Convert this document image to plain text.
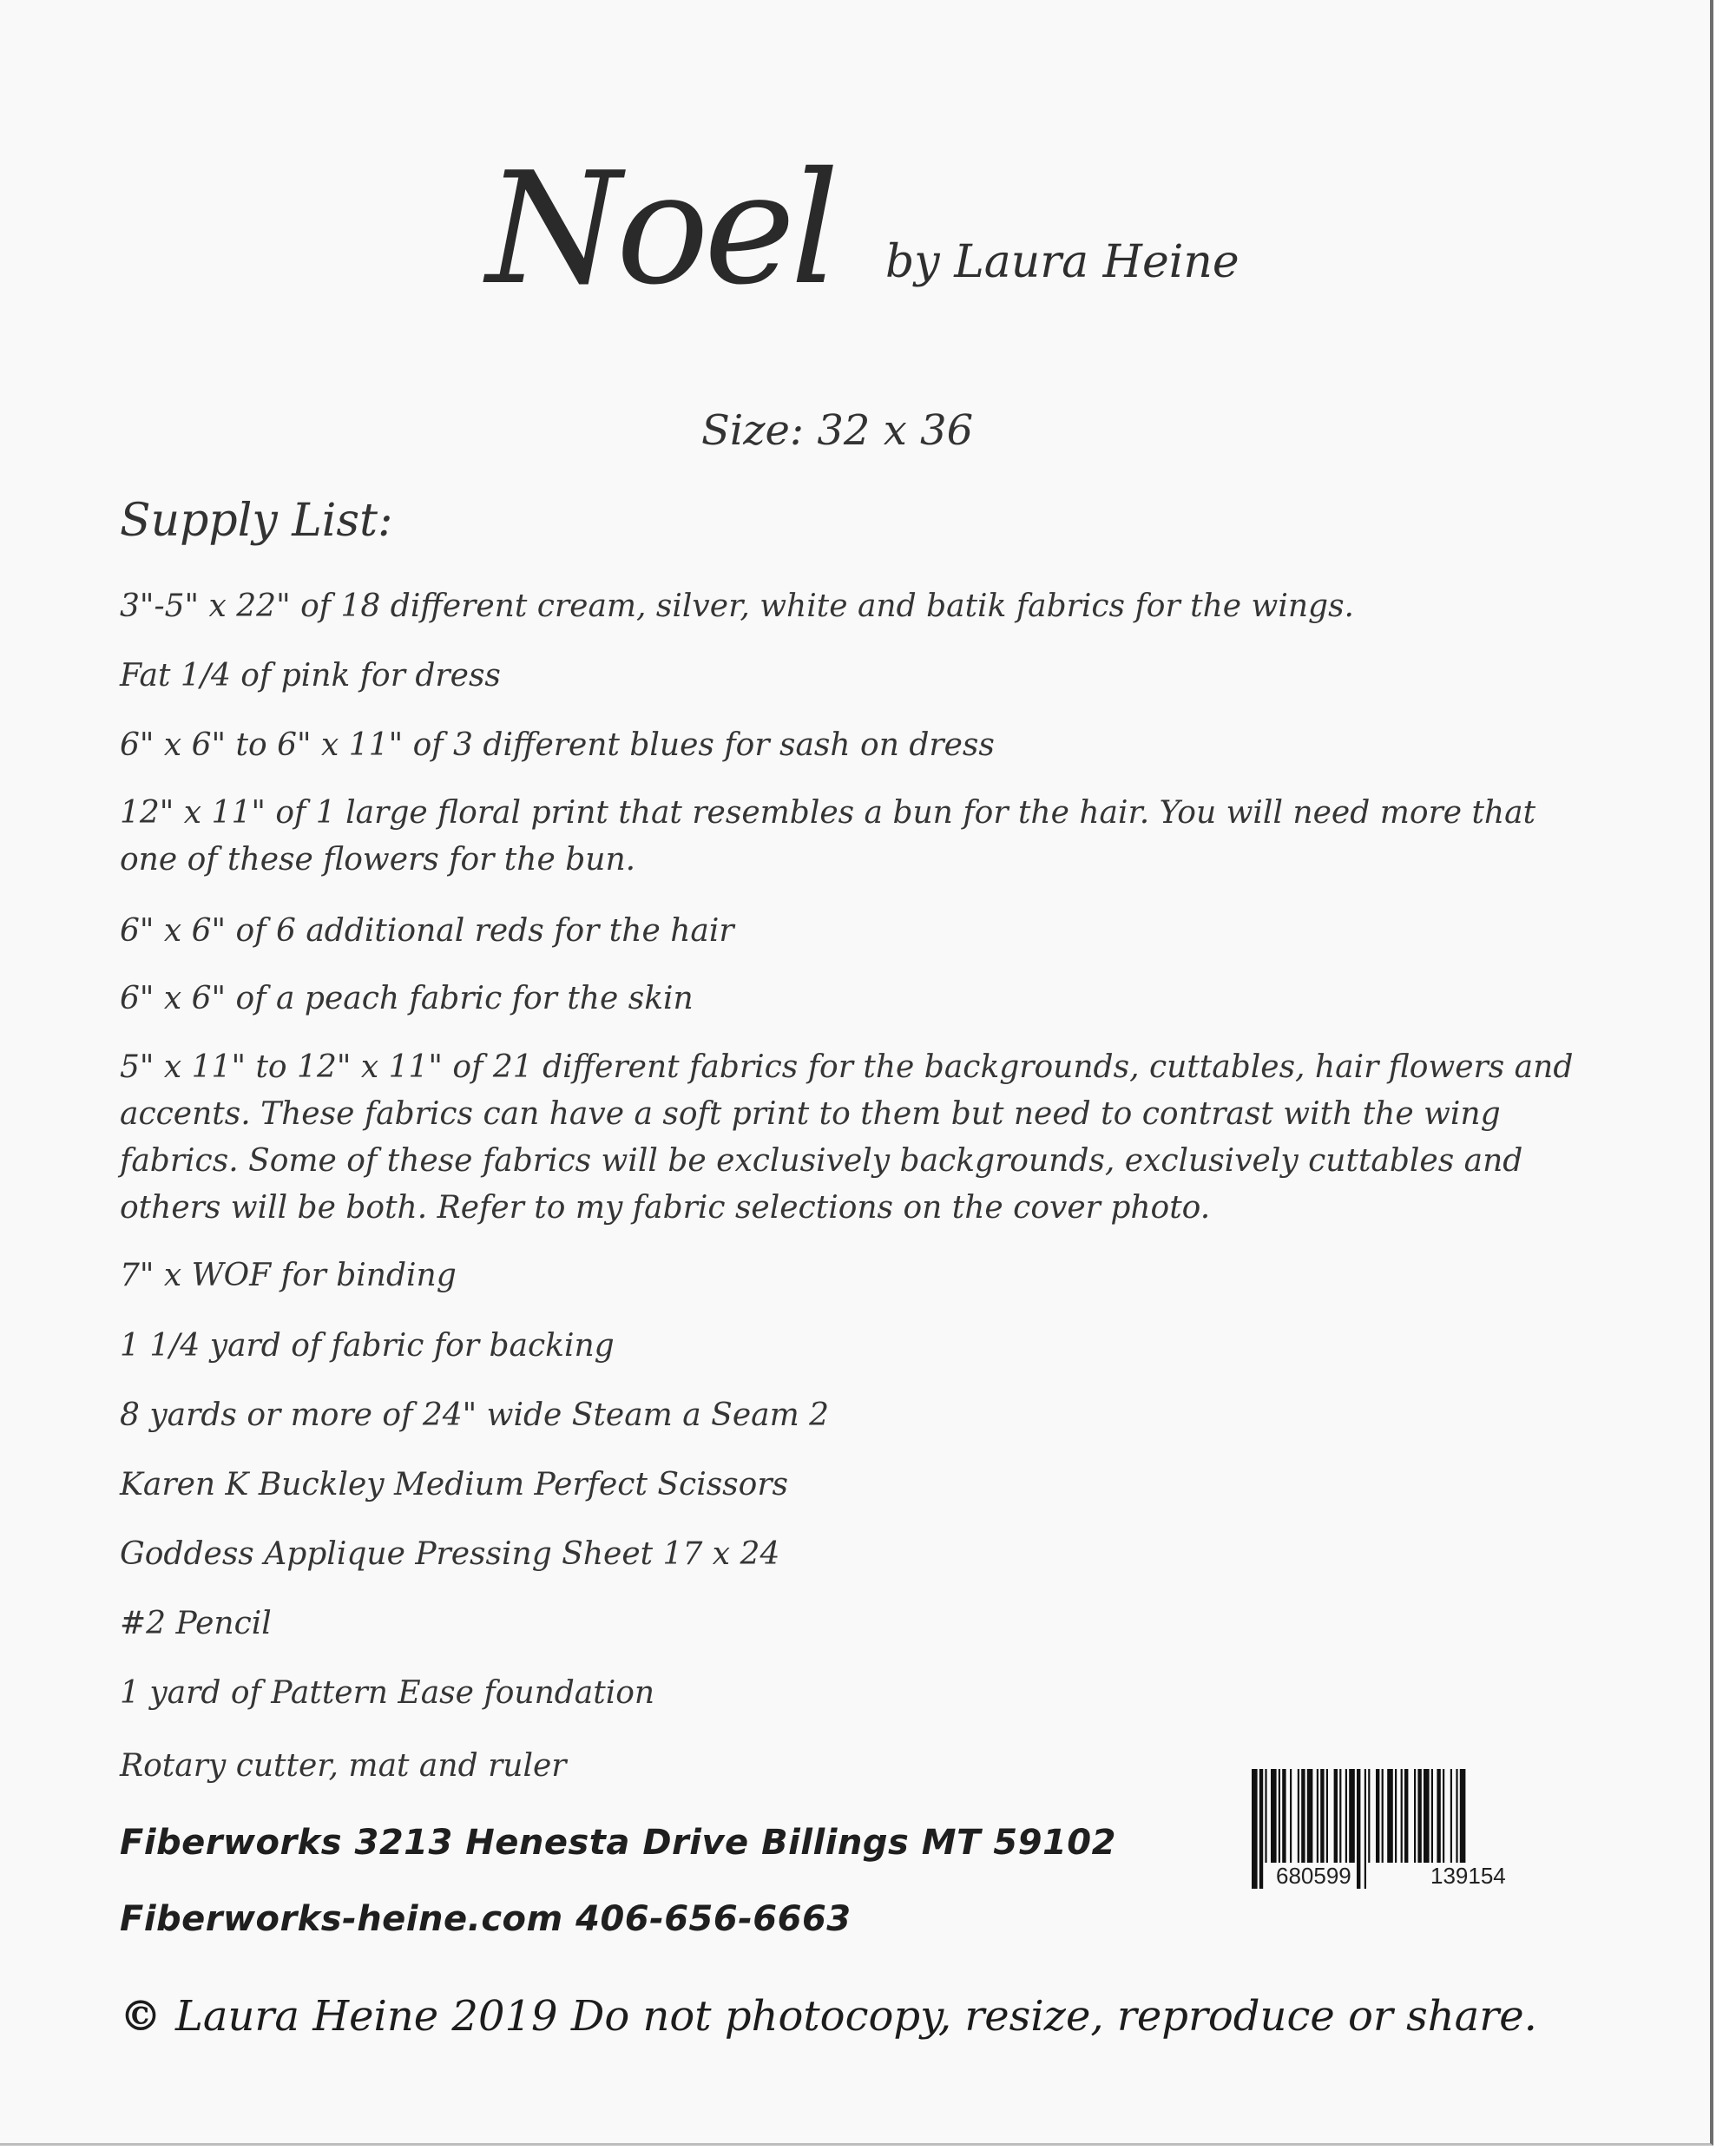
Noel by Laura Heine
Size: 32 x 36
Supply List:
3"-5" x 22" of 18 different cream, silver, white and batik fabrics for the wings.
Fat 1/4 of pink for dress
6" x 6" to 6" x 11" of 3 different blues for sash on dress
12" x 11" of 1 large floral print that resembles a bun for the hair. You will need more that one of these flowers for the bun.
6" x 6" of 6 additional reds for the hair
6" x 6" of a peach fabric for the skin
5" x 11" to 12" x 11" of 21 different fabrics for the backgrounds, cuttables, hair flowers and accents. These fabrics can have a soft print to them but need to contrast with the wing fabrics. Some of these fabrics will be exclusively backgrounds, exclusively cuttables and others will be both. Refer to my fabric selections on the cover photo.
7" x WOF for binding
1 1/4 yard of fabric for backing
8 yards or more of 24" wide Steam a Seam 2
Karen K Buckley Medium Perfect Scissors
Goddess Applique Pressing Sheet 17 x 24
#2 Pencil
1 yard of Pattern Ease foundation
Rotary cutter, mat and ruler
Fiberworks 3213 Henesta Drive Billings MT 59102
Fiberworks-heine.com 406-656-6663
© Laura Heine 2019 Do not photocopy, resize, reproduce or share.
680599	139154
